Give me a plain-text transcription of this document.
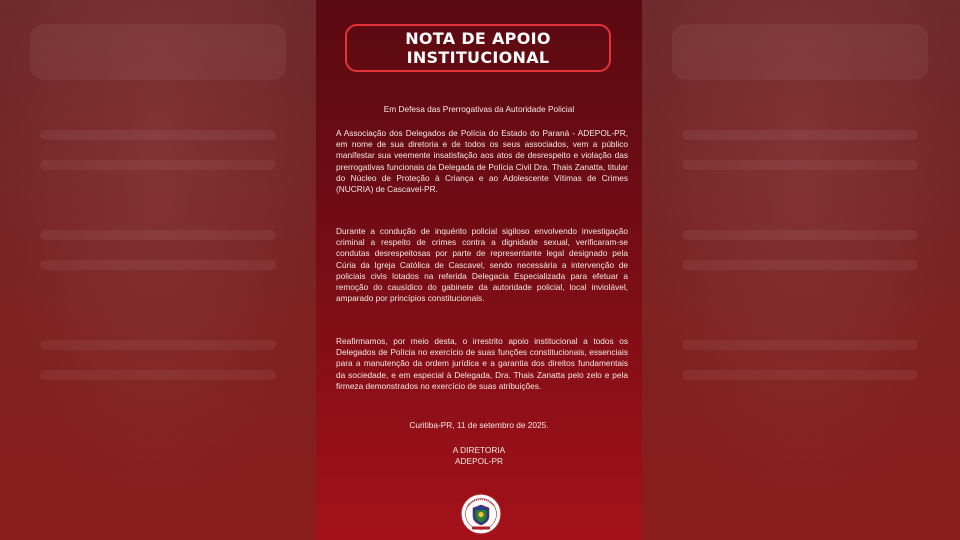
NOTA DE APOIO
INSTITUCIONAL
Em Defesa das Prerrogativas da Autoridade Policial
A Associação dos Delegados de Polícia do Estado do Paraná - ADEPOL-PR, em nome de sua diretoria e de todos os seus associados, vem a público manifestar sua veemente insatisfação aos atos de desrespeito e violação das prerrogativas funcionais da Delegada de Polícia Civil Dra. Thais Zanatta, titular do Núcleo de Proteção à Criança e ao Adolescente Vítimas de Crimes (NUCRIA) de Cascavel-PR.
Durante a condução de inquérito policial sigiloso envolvendo investigação criminal a respeito de crimes contra a dignidade sexual, verificaram-se condutas desrespeitosas por parte de representante legal designado pela Cúria da Igreja Católica de Cascavel, sendo necessária a intervenção de policiais civis lotados na referida Delegacia Especializada para efetuar a remoção do causídico do gabinete da autoridade policial, local inviolável, amparado por princípios constitucionais.
Reafirmamos, por meio desta, o irrestrito apoio institucional a todos os Delegados de Polícia no exercício de suas funções constitucionais, essenciais para a manutenção da ordem jurídica e a garantia dos direitos fundamentais da sociedade, e em especial à Delegada, Dra. Thais Zanatta pelo zelo e pela firmeza demonstrados no exercício de suas atribuições.
Curitiba-PR, 11 de setembro de 2025.
A DIRETORIA
ADEPOL-PR
